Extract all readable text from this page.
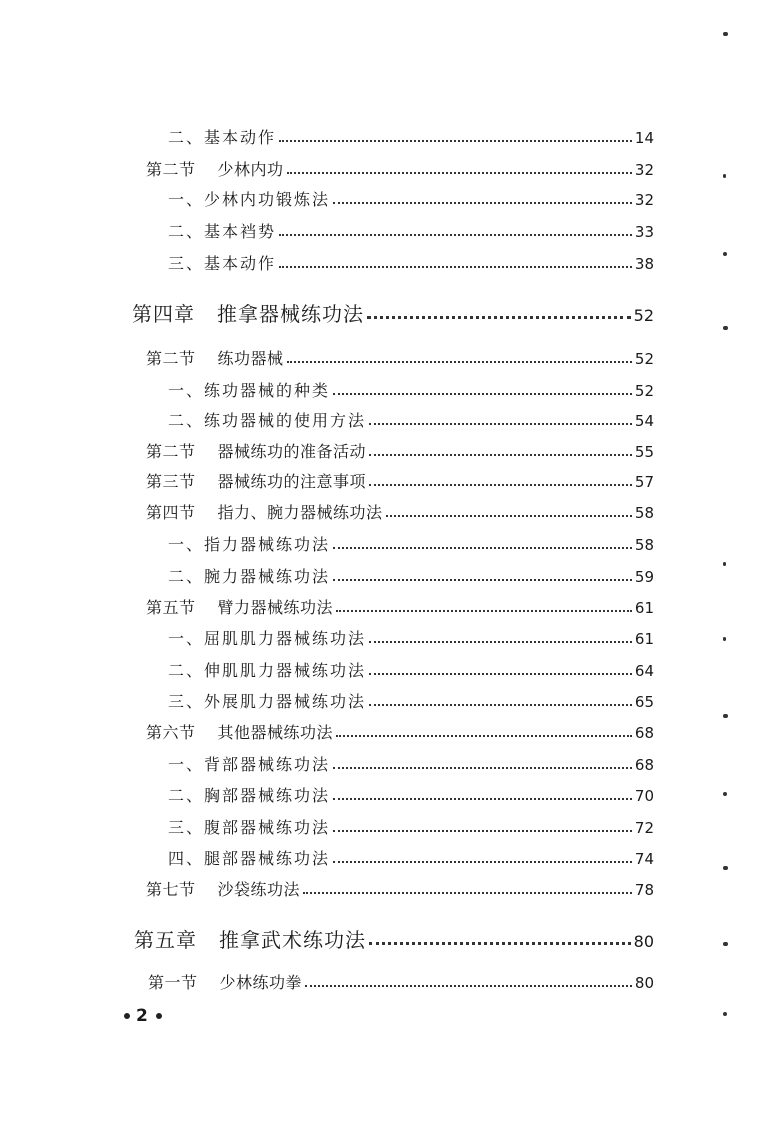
二、基本动作	14
第二节 少林内功	32
一、少林内功锻炼法	32
二、基本裆势	33
三、基本动作	38
第四章 推拿器械练功法	52
第二节 练功器械	52
一、练功器械的种类	52
二、练功器械的使用方法	54
第二节 器械练功的准备活动	55
第三节 器械练功的注意事项	57
第四节 指力、腕力器械练功法	58
一、指力器械练功法	58
二、腕力器械练功法	59
第五节 臂力器械练功法	61
一、屈肌肌力器械练功法	61
二、伸肌肌力器械练功法	64
三、外展肌力器械练功法	65
第六节 其他器械练功法	68
一、背部器械练功法	68
二、胸部器械练功法	70
三、腹部器械练功法	72
四、腿部器械练功法	74
第七节 沙袋练功法	78
第五章 推拿武术练功法	80
第一节 少林练功拳	80
2
